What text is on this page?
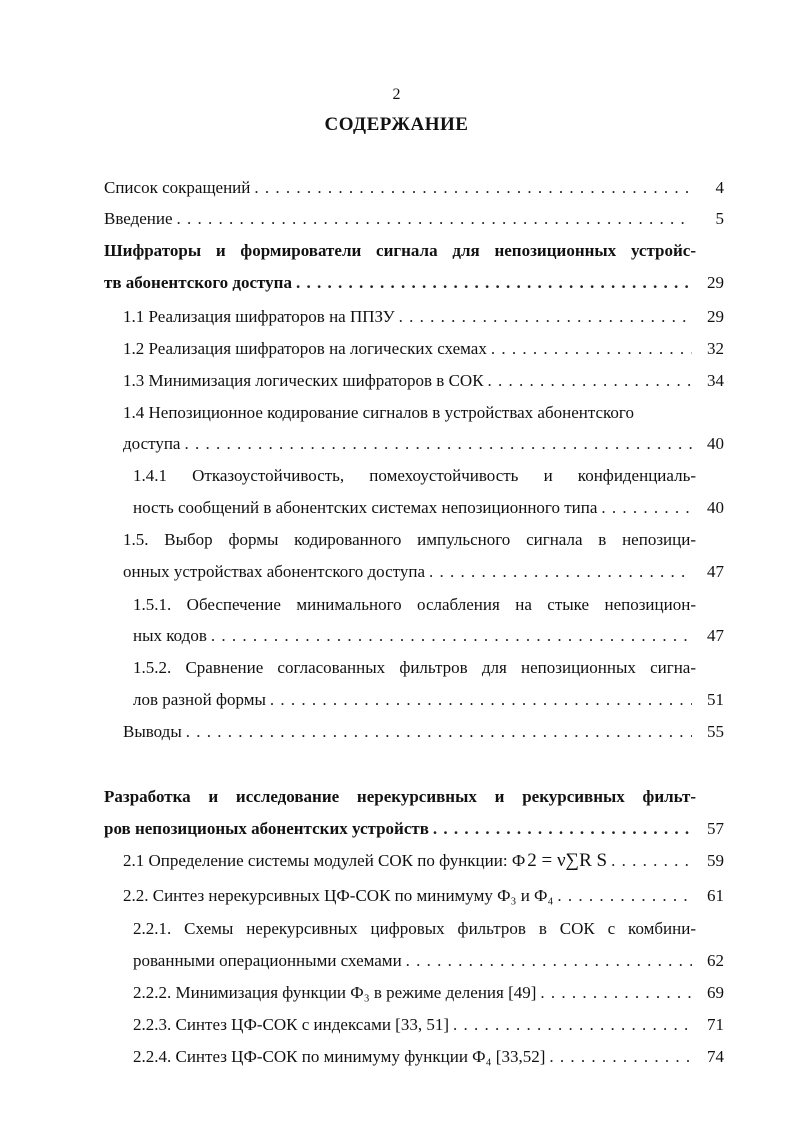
2
СОДЕРЖАНИЕ
Список сокращений . . .	4
Введение . . .	5
Шифраторы и формирователи сигнала для непозиционных устройс-
тв абонентского доступа . . .	29
1.1 Реализация шифраторов на ППЗУ . . .	29
1.2 Реализация шифраторов на логических схемах . . .	32
1.3 Минимизация логических шифраторов в СОК . . .	34
1.4 Непозиционное кодирование сигналов в устройствах абонентского
доступа . . .	40
1.4.1 Отказоустойчивость, помехоустойчивость и конфиденциаль-
ность сообщений в абонентских системах непозиционного типа . . .	40
1.5. Выбор формы кодированного импульсного сигнала в непозици-
онных устройствах абонентского доступа . . .	47
1.5.1. Обеспечение минимального ослабления на стыке непозицион-
ных кодов . . .	47
1.5.2. Сравнение согласованных фильтров для непозиционных сигна-
лов разной формы . . .	51
Выводы . . .	55
Разработка и исследование нерекурсивных и рекурсивных фильт-
ров непозиционых абонентских устройств . . .	57
2.1 Определение системы модулей СОК по функции: Ф 2 = ν∑R S . . .	59
2.2. Синтез нерекурсивных ЦФ-СОК по минимуму Ф₃ и Ф₄ . . .	61
2.2.1. Схемы нерекурсивных цифровых фильтров в СОК с комбини-
рованными операционными схемами . . .	62
2.2.2. Минимизация функции Ф₃ в режиме деления [49] . . .	69
2.2.3. Синтез ЦФ-СОК с индексами [33, 51] . . .	71
2.2.4. Синтез ЦФ-СОК по минимуму функции Ф₄ [33,52] . . .	74
